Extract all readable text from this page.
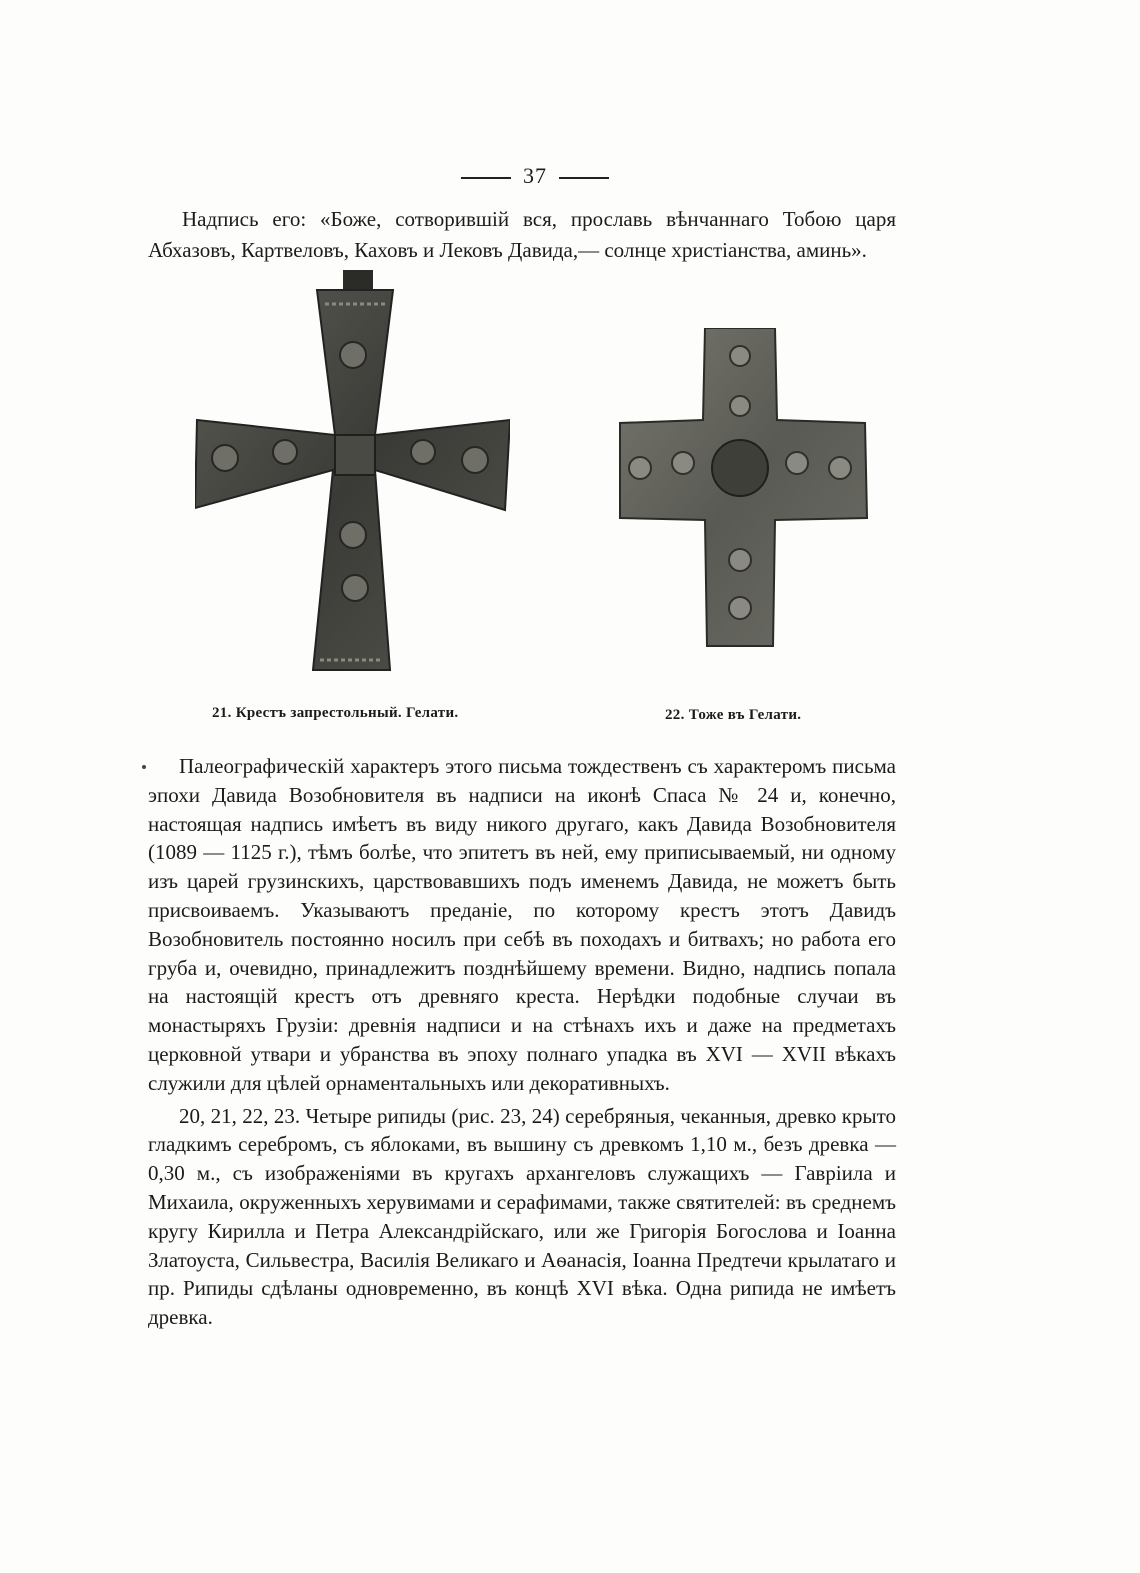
37

Надпись его: «Боже, сотворившій вся, прославь вѣнчаннаго Тобою царя Абхазовъ, Картвеловъ, Каховъ и Лековъ Давида,— солнце христіанства, аминь».

21. Крестъ запрестольный. Гелати.	22. Тоже въ Гелати.

Палеографическій характеръ этого письма тождественъ съ характеромъ письма эпохи Давида Возобновителя въ надписи на иконѣ Спаса № 24 и, конечно, настоящая надпись имѣетъ въ виду никого другаго, какъ Давида Возобновителя (1089 — 1125 г.), тѣмъ болѣе, что эпитетъ въ ней, ему приписываемый, ни одному изъ царей грузинскихъ, царствовавшихъ подъ именемъ Давида, не можетъ быть присвоиваемъ. Указываютъ преданіе, по которому крестъ этотъ Давидъ Возобновитель постоянно носилъ при себѣ въ походахъ и битвахъ; но работа его груба и, очевидно, принадлежитъ позднѣйшему времени. Видно, надпись попала на настоящій крестъ отъ древняго креста. Нерѣдки подобные случаи въ монастыряхъ Грузіи: древнія надписи и на стѣнахъ ихъ и даже на предметахъ церковной утвари и убранства въ эпоху полнаго упадка въ XVI — XVII вѣкахъ служили для цѣлей орнаментальныхъ или декоративныхъ.

20, 21, 22, 23. Четыре рипиды (рис. 23, 24) серебряныя, чеканныя, древко крыто гладкимъ серебромъ, съ яблоками, въ вышину съ древкомъ 1,10 м., безъ древка — 0,30 м., съ изображеніями въ кругахъ архангеловъ служащихъ — Гавріила и Михаила, окруженныхъ херувимами и серафимами, также святителей: въ среднемъ кругу Кирилла и Петра Александрійскаго, или же Григорія Богослова и Іоанна Златоуста, Сильвестра, Василія Великаго и Аѳанасія, Іоанна Предтечи крылатаго и пр. Рипиды сдѣланы одновременно, въ концѣ XVI вѣка. Одна рипида не имѣетъ древка.
